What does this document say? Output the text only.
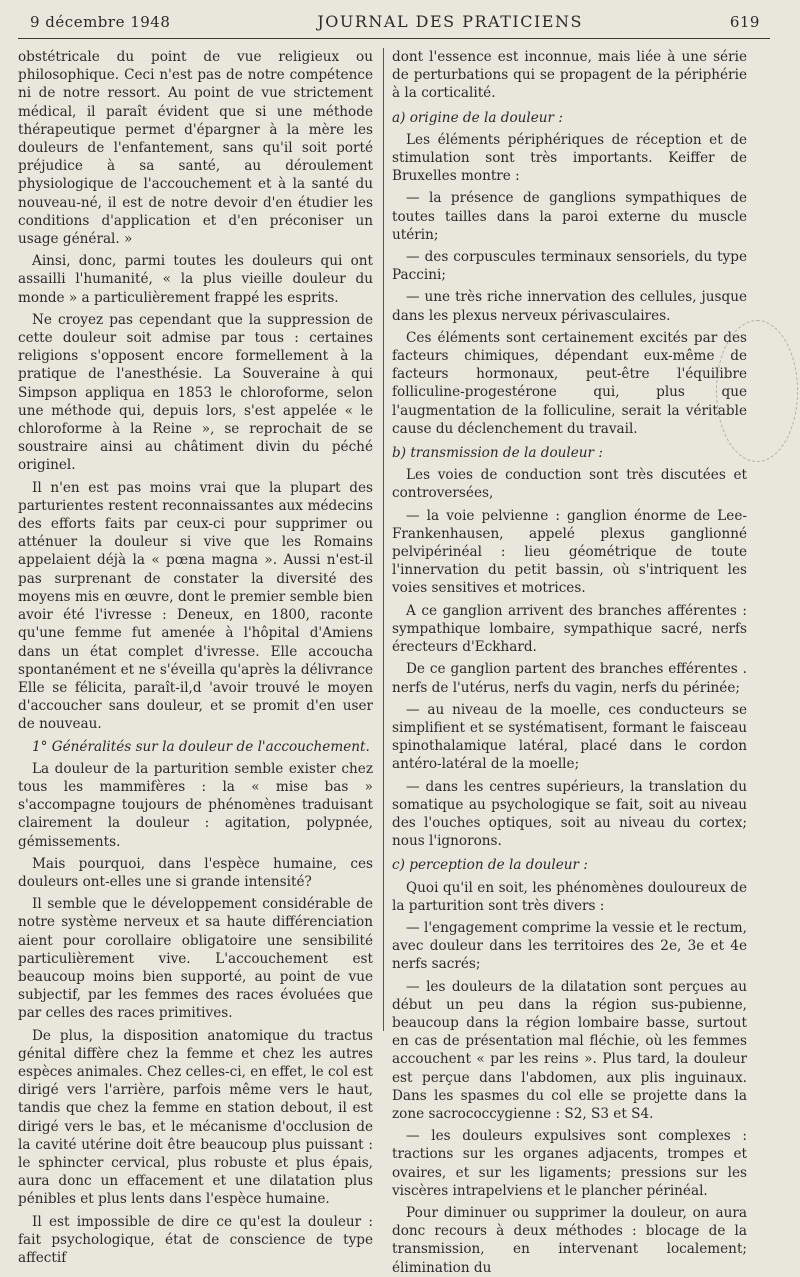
9 décembre 1948	JOURNAL DES PRATICIENS	619

obstétricale du point de vue religieux ou philosophique. Ceci n'est pas de notre compétence ni de notre ressort. Au point de vue strictement médical, il paraît évident que si une méthode thérapeutique permet d'épargner à la mère les douleurs de l'enfantement, sans qu'il soit porté préjudice à sa santé, au déroulement physiologique de l'accouchement et à la santé du nouveau-né, il est de notre devoir d'en étudier les conditions d'application et d'en préconiser un usage général. »

Ainsi, donc, parmi toutes les douleurs qui ont assailli l'humanité, « la plus vieille douleur du monde » a particulièrement frappé les esprits.

Ne croyez pas cependant que la suppression de cette douleur soit admise par tous : certaines religions s'opposent encore formellement à la pratique de l'anesthésie. La Souveraine à qui Simpson appliqua en 1853 le chloroforme, selon une méthode qui, depuis lors, s'est appelée « le chloroforme à la Reine », se reprochait de se soustraire ainsi au châtiment divin du péché originel.

Il n'en est pas moins vrai que la plupart des parturientes restent reconnaissantes aux médecins des efforts faits par ceux-ci pour supprimer ou atténuer la douleur si vive que les Romains appelaient déjà la « pœna magna ». Aussi n'est-il pas surprenant de constater la diversité des moyens mis en œuvre, dont le premier semble bien avoir été l'ivresse : Deneux, en 1800, raconte qu'une femme fut amenée à l'hôpital d'Amiens dans un état complet d'ivresse. Elle accoucha spontanément et ne s'éveilla qu'après la délivrance Elle se félicita, paraît-il,d 'avoir trouvé le moyen d'accoucher sans douleur, et se promit d'en user de nouveau.

1° Généralités sur la douleur de l'accouchement.

La douleur de la parturition semble exister chez tous les mammifères : la « mise bas » s'accompagne toujours de phénomènes traduisant clairement la douleur : agitation, polypnée, gémissements.

Mais pourquoi, dans l'espèce humaine, ces douleurs ont-elles une si grande intensité?

Il semble que le développement considérable de notre système nerveux et sa haute différenciation aient pour corollaire obligatoire une sensibilité particulièrement vive. L'accouchement est beaucoup moins bien supporté, au point de vue subjectif, par les femmes des races évoluées que par celles des races primitives.

De plus, la disposition anatomique du tractus génital diffère chez la femme et chez les autres espèces animales. Chez celles-ci, en effet, le col est dirigé vers l'arrière, parfois même vers le haut, tandis que chez la femme en station debout, il est dirigé vers le bas, et le mécanisme d'occlusion de la cavité utérine doit être beaucoup plus puissant : le sphincter cervical, plus robuste et plus épais, aura donc un effacement et une dilatation plus pénibles et plus lents dans l'espèce humaine.

Il est impossible de dire ce qu'est la douleur : fait psychologique, état de conscience de type affectif

dont l'essence est inconnue, mais liée à une série de perturbations qui se propagent de la périphérie à la corticalité.

a) origine de la douleur :

Les éléments périphériques de réception et de stimulation sont très importants. Keiffer de Bruxelles montre :

— la présence de ganglions sympathiques de toutes tailles dans la paroi externe du muscle utérin;

— des corpuscules terminaux sensoriels, du type Paccini;

— une très riche innervation des cellules, jusque dans les plexus nerveux périvasculaires.

Ces éléments sont certainement excités par des facteurs chimiques, dépendant eux-même de facteurs hormonaux, peut-être l'équilibre folliculine-progestérone qui, plus que l'augmentation de la folliculine, serait la véritable cause du déclenchement du travail.

b) transmission de la douleur :

Les voies de conduction sont très discutées et controversées,

— la voie pelvienne : ganglion énorme de Lee-Frankenhausen, appelé plexus ganglionné pelvipérinéal : lieu géométrique de toute l'innervation du petit bassin, où s'intriquent les voies sensitives et motrices.

A ce ganglion arrivent des branches afférentes : sympathique lombaire, sympathique sacré, nerfs érecteurs d'Eckhard.

De ce ganglion partent des branches efférentes . nerfs de l'utérus, nerfs du vagin, nerfs du périnée;

— au niveau de la moelle, ces conducteurs se simplifient et se systématisent, formant le faisceau spinothalamique latéral, placé dans le cordon antéro-latéral de la moelle;

— dans les centres supérieurs, la translation du somatique au psychologique se fait, soit au niveau des l'ouches optiques, soit au niveau du cortex; nous l'ignorons.

c) perception de la douleur :

Quoi qu'il en soit, les phénomènes douloureux de la parturition sont très divers :

— l'engagement comprime la vessie et le rectum, avec douleur dans les territoires des 2e, 3e et 4e nerfs sacrés;

— les douleurs de la dilatation sont perçues au début un peu dans la région sus-pubienne, beaucoup dans la région lombaire basse, surtout en cas de présentation mal fléchie, où les femmes accouchent « par les reins ». Plus tard, la douleur est perçue dans l'abdomen, aux plis inguinaux. Dans les spasmes du col elle se projette dans la zone sacrococcygienne : S2, S3 et S4.

— les douleurs expulsives sont complexes : tractions sur les organes adjacents, trompes et ovaires, et sur les ligaments; pressions sur les viscères intrapelviens et le plancher périnéal.

Pour diminuer ou supprimer la douleur, on aura donc recours à deux méthodes : blocage de la transmission, en intervenant localement; élimination du
